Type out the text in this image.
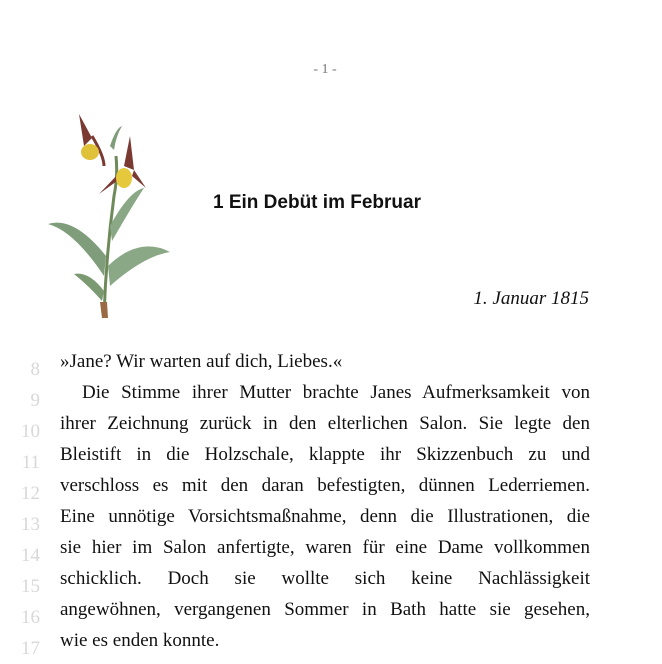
- 1 -
1 Ein Debüt im Februar
1. Januar 1815
8
9
10
11
12
13
14
15
16
17
»Jane? Wir warten auf dich, Liebes.«
Die Stimme ihrer Mutter brachte Janes Aufmerksamkeit von
ihrer Zeichnung zurück in den elterlichen Salon. Sie legte den
Bleistift in die Holzschale, klappte ihr Skizzenbuch zu und
verschloss es mit den daran befestigten, dünnen Lederriemen.
Eine unnötige Vorsichtsmaßnahme, denn die Illustrationen, die
sie hier im Salon anfertigte, waren für eine Dame vollkommen
schicklich. Doch sie wollte sich keine Nachlässigkeit
angewöhnen, vergangenen Sommer in Bath hatte sie gesehen,
wie es enden konnte.
